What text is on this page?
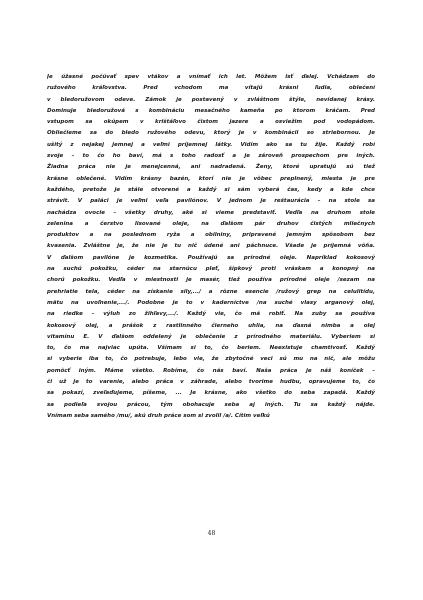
Je úžasné počúvať spev vtákov a vnímať ich let. Môžem isť ďalej. Vchádzam do
ružového kráľovstva. Pred vchodom ma vítajú krásni ľudia, oblečení
v bledoružovom odeve. Zámok je postavený v zvláštnom štýle, nevídanej krásy.
Dominuje bledoružová s kombináciu mesačného kameňa po ktorom kráčam. Pred
vstupom sa okúpem v krištáľovo čistom jazere a osviežim pod vodopádom.
Obliečieme sa do bledo ružového odevu, ktorý je v kombinácii so striebornou. Je
ušitý z nejakej jemnej a veľmi príjemnej látky. Vidím ako sa tu žije. Každý robí
svoje – to čo ho baví, má s toho radosť a je zároveň prospechom pre iných.
Žiadna práca nie je menejcenná, ani nadradená. Ženy, ktoré upratujú sú tiež
krásne oblečené. Vidím krásny bazén, ktorí nie je vôbec preplnený, miesta je pre
každého, pretože je stále otvorené a každý si sám vyberá čas, kedy a kde chce
strávit. V paláci je veľmi veľa pavilónov. V jednom je reštaurácia – na stole sa
nachádza ovocie – všetky druhy, aké si vieme predstaviť. Vedľa na druhom stole
zelenina a čerstvo lisované oleje, na ďalšom pár druhov čistých mliečnych
produktov a na poslednom ryža a obilniny, pripravené jemným spôsobom bez
kvasenia. Zvláštne je, že nie je tu nič údené ani páchnuce. Všade je príjemná vôňa.
V ďalšom pavilóne je kozmetika. Používajú sa prírodné oleje. Napríklad kokosový
na suchú pokožku, céder na starnúcu pleť, šípkový proti vráskam a konopný na
chorú pokožku. Vedľa v miestnosti je masér, tiež používa prírodné oleje /sezam na
prehriatie tela, céder na získanie sily,.../ a rôzne esencie /ružový grep na celulitídu,
mätu na uvoľnenie,.../. Podobne je to v kaderníctve /na suché vlasy arganový olej,
na riedke – výluh zo žihľavy,.../. Každý vie, čo má robiť. Na zuby sa používa
kokosový olej, a prášok z rastlinného čierneho uhlia, na ďasná nimba a olej
vitamínu E. V ďalšom oddelený je oblečenie z prírodného materiálu. Vyberiem si
to, čo ma najviac upúta. Všímam si to, čo beriem. Neexistuje chamtivosť. Každý
si vyberie iba to, čo potrebuje, lebo vie, že zbytočné veci sú mu na nič, ale môžu
pomôcť iným. Máme všetko. Robíme, čo nás baví. Naša práca je náš koníček –
či už je to varenie, alebo práca v záhrade, alebo tvorime hudbu, opravujeme to, čo
sa pokazí, zveľaďujeme, píšeme, ... Je krásne, ako všetko do seba zapadá. Každý
sa podieľa svojou prácou, tým obohacuje seba aj iných. Tu sa každý nájde.
Vnímam seba samého /mu/, akú druh práce som si zvolil /a/. Cítim veľkú
48
